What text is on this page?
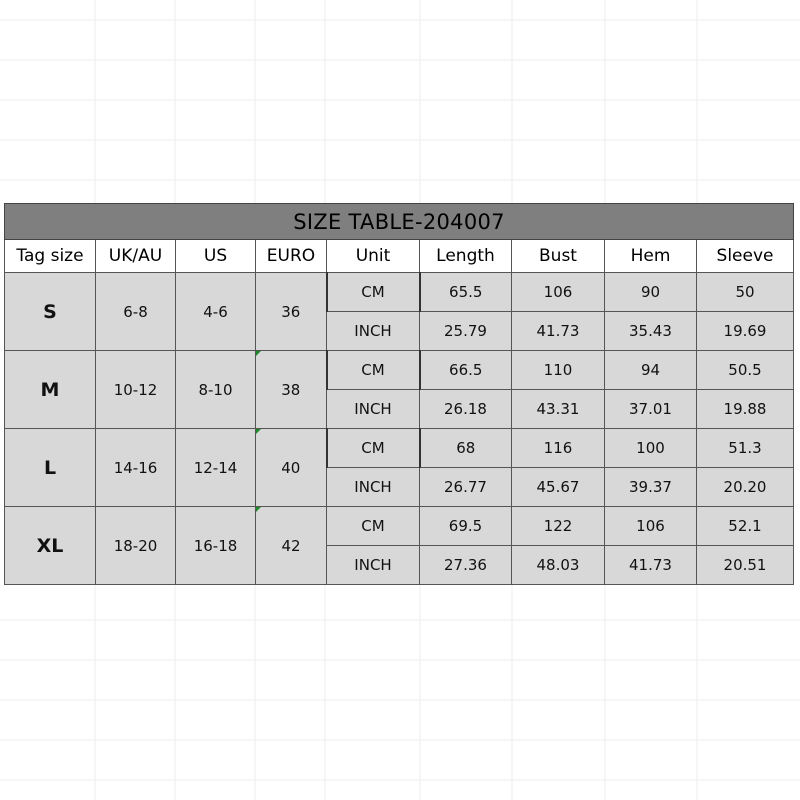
SIZE TABLE-204007								
Tag size	UK/AU	US	EURO	Unit	Length	Bust	Hem	Sleeve
S	6-8	4-6	36	CM	65.5	106	90	50
				INCH	25.79	41.73	35.43	19.69
M	10-12	8-10	38	CM	66.5	110	94	50.5
				INCH	26.18	43.31	37.01	19.88
L	14-16	12-14	40	CM	68	116	100	51.3
				INCH	26.77	45.67	39.37	20.20
XL	18-20	16-18	42	CM	69.5	122	106	52.1
				INCH	27.36	48.03	41.73	20.51
